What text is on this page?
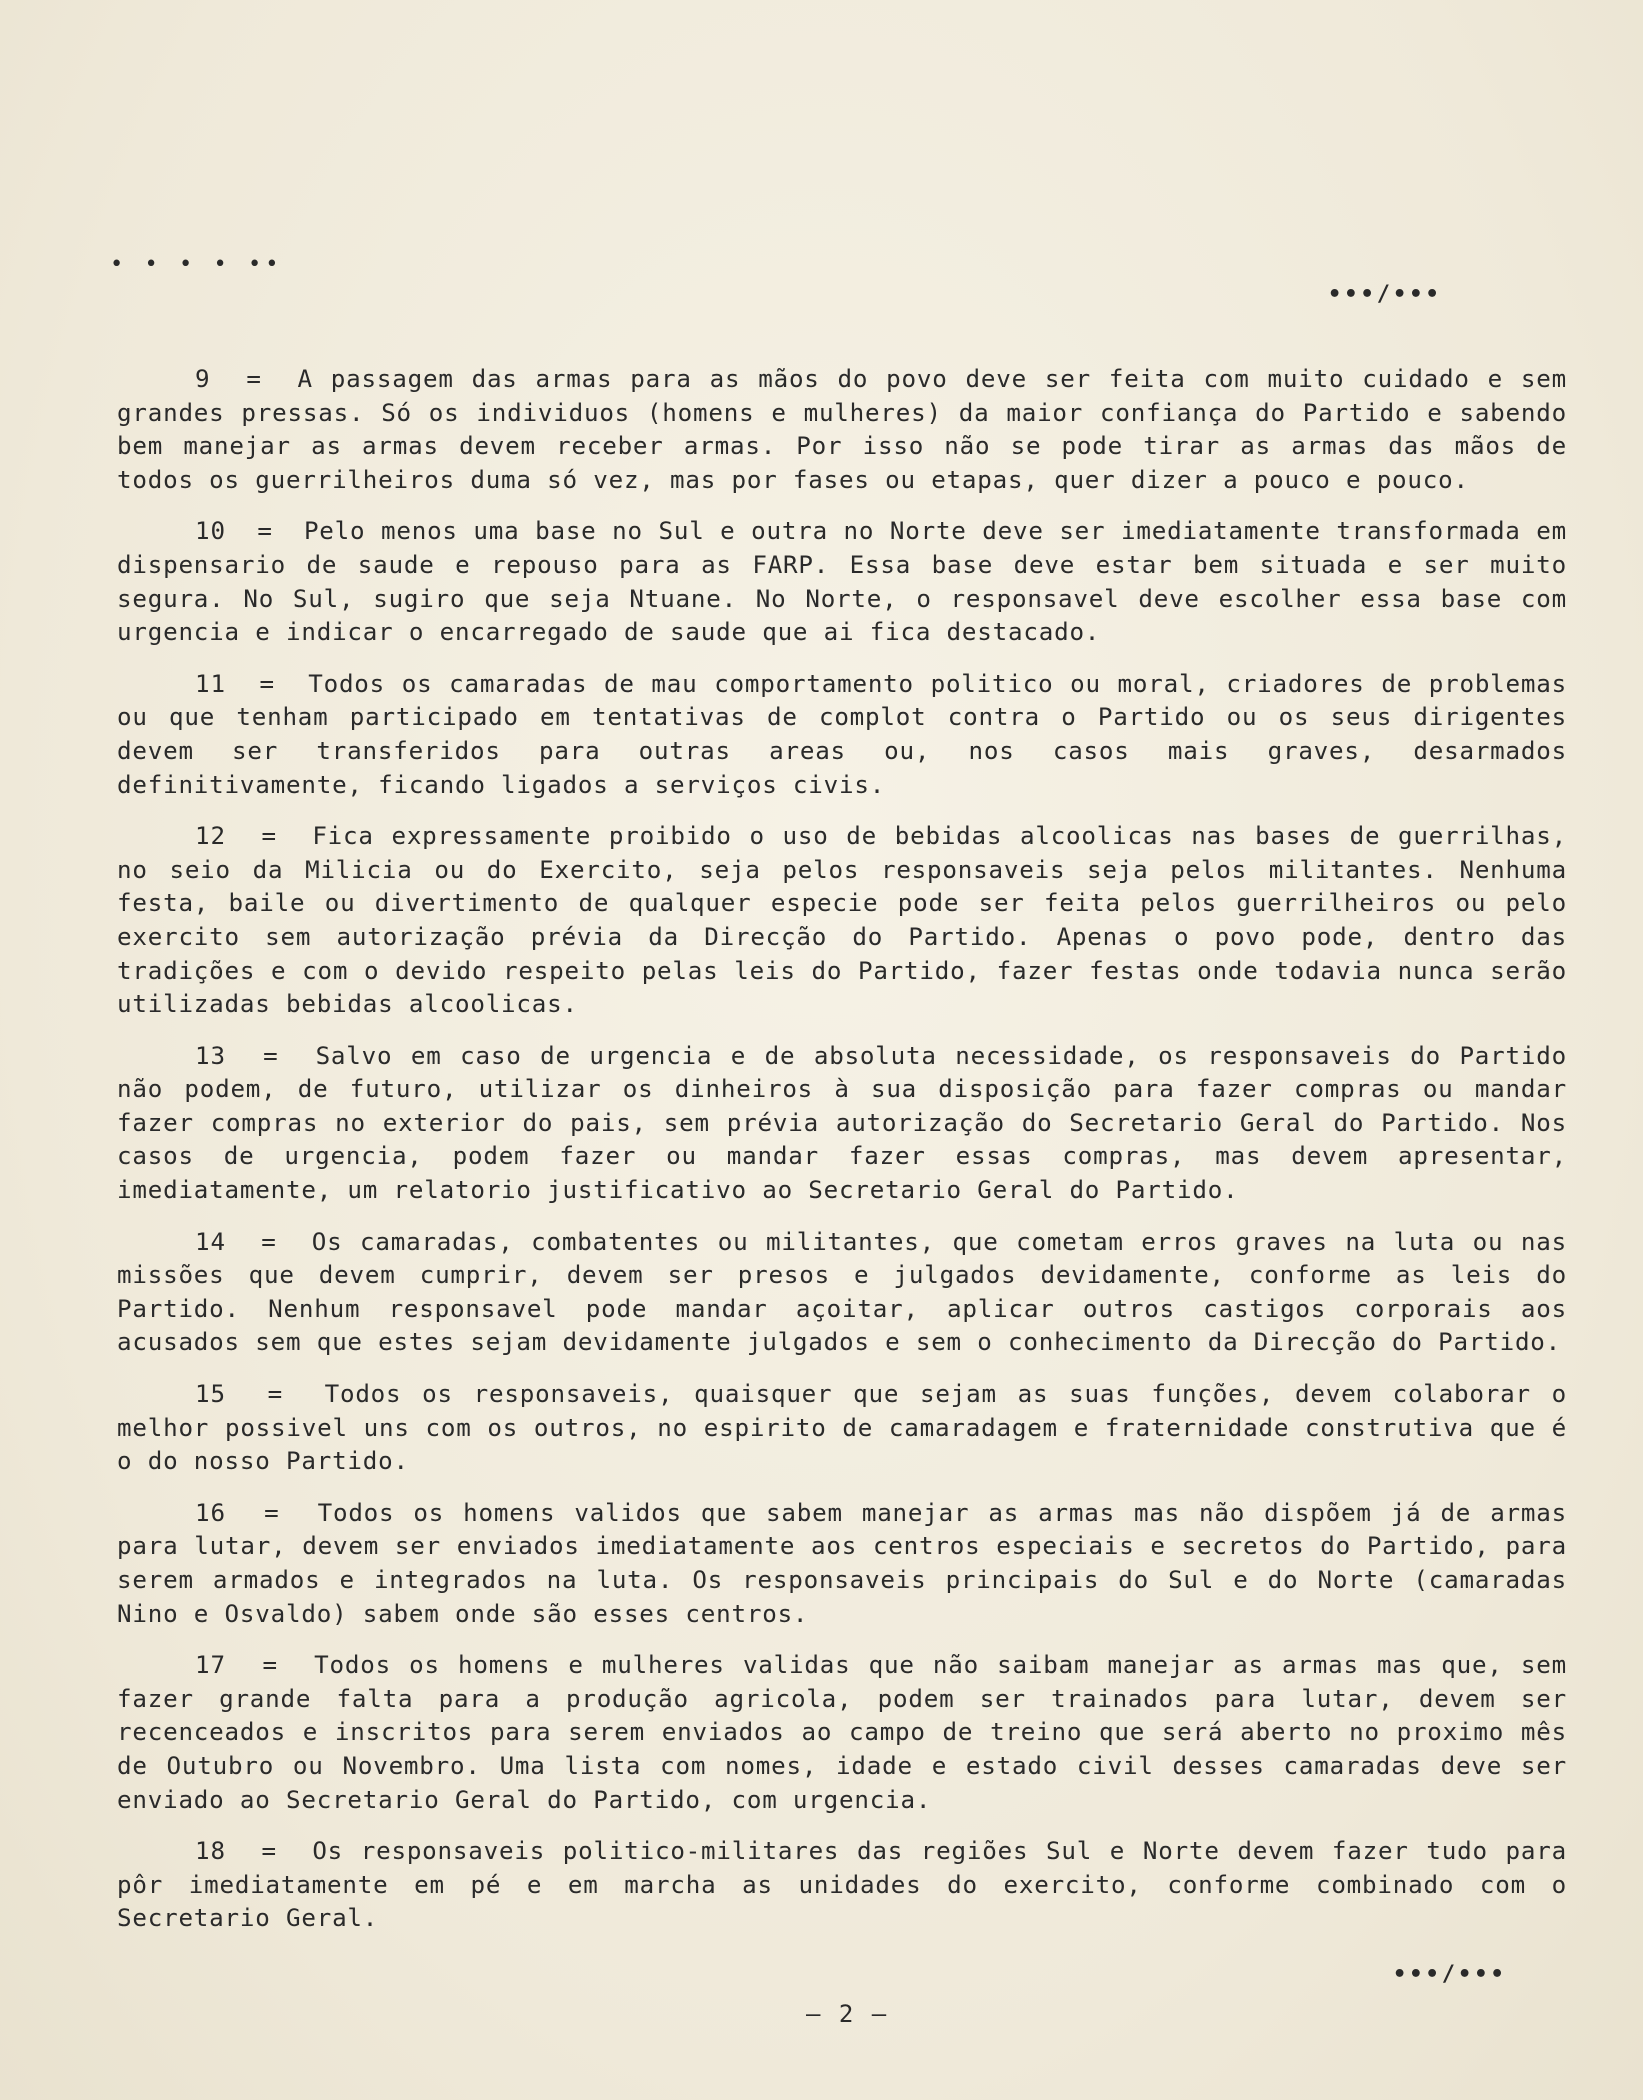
• • • • ••
•••/•••

9 = A passagem das armas para as mãos do povo deve ser feita com muito cuidado e sem grandes pressas. Só os individuos (homens e mulheres) da maior confiança do Partido e sabendo bem manejar as armas devem receber armas. Por isso não se pode tirar as armas das mãos de todos os guerrilheiros duma só vez, mas por fases ou etapas, quer dizer a pouco e pouco.

10 = Pelo menos uma base no Sul e outra no Norte deve ser imediatamente transformada em dispensario de saude e repouso para as FARP. Essa base deve estar bem situada e ser muito segura. No Sul, sugiro que seja Ntuane. No Norte, o responsavel deve escolher essa base com urgencia e indicar o encarregado de saude que ai fica destacado.

11 = Todos os camaradas de mau comportamento politico ou moral, criadores de problemas ou que tenham participado em tentativas de complot contra o Partido ou os seus dirigentes devem ser transferidos para outras areas ou, nos casos mais graves, desarmados definitivamente, ficando ligados a serviços civis.

12 = Fica expressamente proibido o uso de bebidas alcoolicas nas bases de guerrilhas, no seio da Milicia ou do Exercito, seja pelos responsaveis seja pelos militantes. Nenhuma festa, baile ou divertimento de qualquer especie pode ser feita pelos guerrilheiros ou pelo exercito sem autorização prévia da Direcção do Partido. Apenas o povo pode, dentro das tradições e com o devido respeito pelas leis do Partido, fazer festas onde todavia nunca serão utilizadas bebidas alcoolicas.

13 = Salvo em caso de urgencia e de absoluta necessidade, os responsaveis do Partido não podem, de futuro, utilizar os dinheiros à sua disposição para fazer compras ou mandar fazer compras no exterior do pais, sem prévia autorização do Secretario Geral do Partido. Nos casos de urgencia, podem fazer ou mandar fazer essas compras, mas devem apresentar, imediatamente, um relatorio justificativo ao Secretario Geral do Partido.

14 = Os camaradas, combatentes ou militantes, que cometam erros graves na luta ou nas missões que devem cumprir, devem ser presos e julgados devidamente, conforme as leis do Partido. Nenhum responsavel pode mandar açoitar, aplicar outros castigos corporais aos acusados sem que estes sejam devidamente julgados e sem o conhecimento da Direcção do Partido.

15 = Todos os responsaveis, quaisquer que sejam as suas funções, devem colaborar o melhor possivel uns com os outros, no espirito de camaradagem e fraternidade construtiva que é o do nosso Partido.

16 = Todos os homens validos que sabem manejar as armas mas não dispõem já de armas para lutar, devem ser enviados imediatamente aos centros especiais e secretos do Partido, para serem armados e integrados na luta. Os responsaveis principais do Sul e do Norte (camaradas Nino e Osvaldo) sabem onde são esses centros.

17 = Todos os homens e mulheres validas que não saibam manejar as armas mas que, sem fazer grande falta para a produção agricola, podem ser trainados para lutar, devem ser recenceados e inscritos para serem enviados ao campo de treino que será aberto no proximo mês de Outubro ou Novembro. Uma lista com nomes, idade e estado civil desses camaradas deve ser enviado ao Secretario Geral do Partido, com urgencia.

18 = Os responsaveis politico-militares das regiões Sul e Norte devem fazer tudo para pôr imediatamente em pé e em marcha as unidades do exercito, conforme combinado com o Secretario Geral.

•••/•••
– 2 –
